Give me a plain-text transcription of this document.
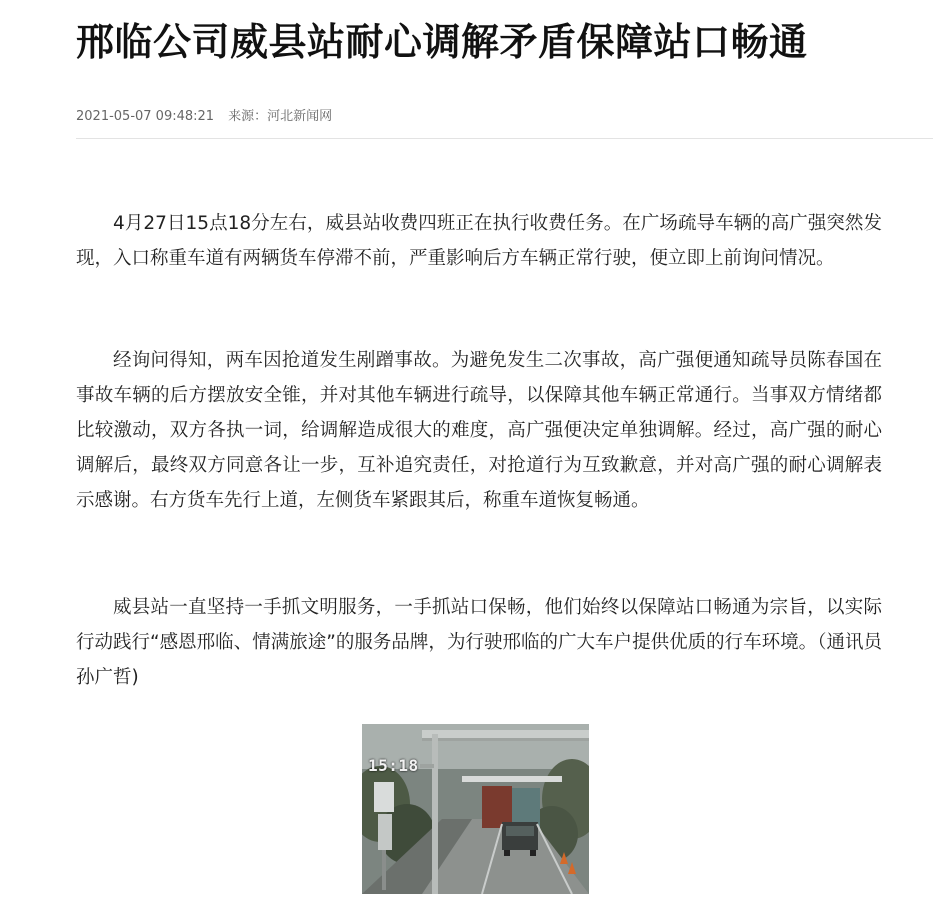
邢临公司威县站耐心调解矛盾保障站口畅通
2021-05-07 09:48:21 来源：河北新闻网

4月27日15点18分左右，威县站收费四班正在执行收费任务。在广场疏导车辆的高广强突然发现，入口称重车道有两辆货车停滞不前，严重影响后方车辆正常行驶，便立即上前询问情况。

经询问得知，两车因抢道发生剐蹭事故。为避免发生二次事故，高广强便通知疏导员陈春国在事故车辆的后方摆放安全锥，并对其他车辆进行疏导，以保障其他车辆正常通行。当事双方情绪都比较激动，双方各执一词，给调解造成很大的难度，高广强便决定单独调解。经过，高广强的耐心调解后，最终双方同意各让一步，互补追究责任，对抢道行为互致歉意，并对高广强的耐心调解表示感谢。右方货车先行上道，左侧货车紧跟其后，称重车道恢复畅通。

威县站一直坚持一手抓文明服务，一手抓站口保畅，他们始终以保障站口畅通为宗旨，以实际行动践行“感恩邢临、情满旅途”的服务品牌，为行驶邢临的广大车户提供优质的行车环境。（通讯员孙广哲)

15:18
